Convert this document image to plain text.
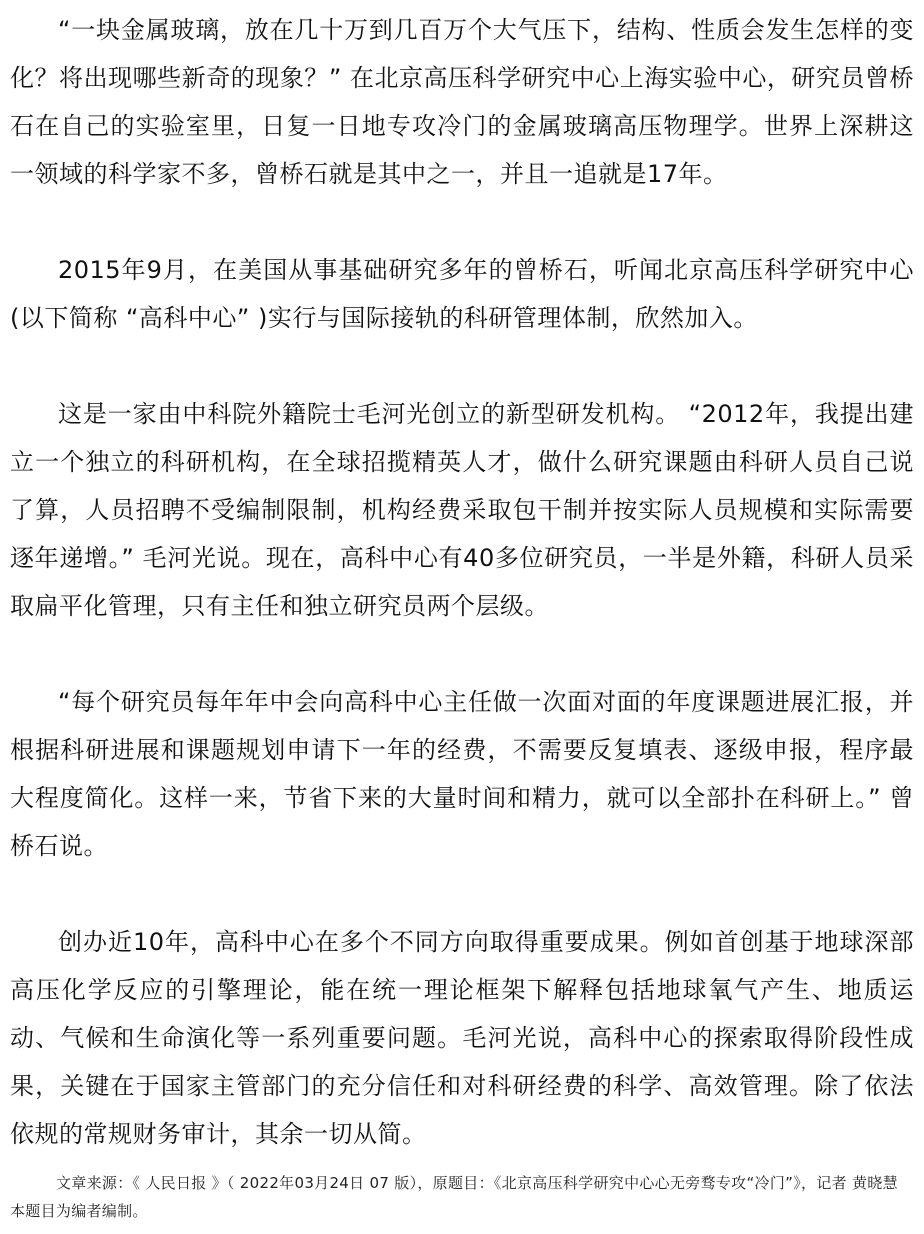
“一块金属玻璃，放在几十万到几百万个大气压下，结构、性质会发生怎样的变化？将出现哪些新奇的现象？” 在北京高压科学研究中心上海实验中心，研究员曾桥石在自己的实验室里，日复一日地专攻冷门的金属玻璃高压物理学。世界上深耕这一领域的科学家不多，曾桥石就是其中之一，并且一追就是17年。

2015年9月，在美国从事基础研究多年的曾桥石，听闻北京高压科学研究中心(以下简称 “高科中心” )实行与国际接轨的科研管理体制，欣然加入。

这是一家由中科院外籍院士毛河光创立的新型研发机构。 “2012年，我提出建立一个独立的科研机构，在全球招揽精英人才，做什么研究课题由科研人员自己说了算，人员招聘不受编制限制，机构经费采取包干制并按实际人员规模和实际需要逐年递增。” 毛河光说。现在，高科中心有40多位研究员，一半是外籍，科研人员采取扁平化管理，只有主任和独立研究员两个层级。

“每个研究员每年年中会向高科中心主任做一次面对面的年度课题进展汇报，并根据科研进展和课题规划申请下一年的经费，不需要反复填表、逐级申报，程序最大程度简化。这样一来，节省下来的大量时间和精力，就可以全部扑在科研上。” 曾桥石说。

创办近10年，高科中心在多个不同方向取得重要成果。例如首创基于地球深部高压化学反应的引擎理论，能在统一理论框架下解释包括地球氧气产生、地质运动、气候和生命演化等一系列重要问题。毛河光说，高科中心的探索取得阶段性成果，关键在于国家主管部门的充分信任和对科研经费的科学、高效管理。除了依法依规的常规财务审计，其余一切从简。

文章来源：《 人民日报 》（ 2022年03月24日 07 版），原题目：《北京高压科学研究中心心无旁骛专攻“冷门”》，记者 黄晓慧 本题目为编者编制。
